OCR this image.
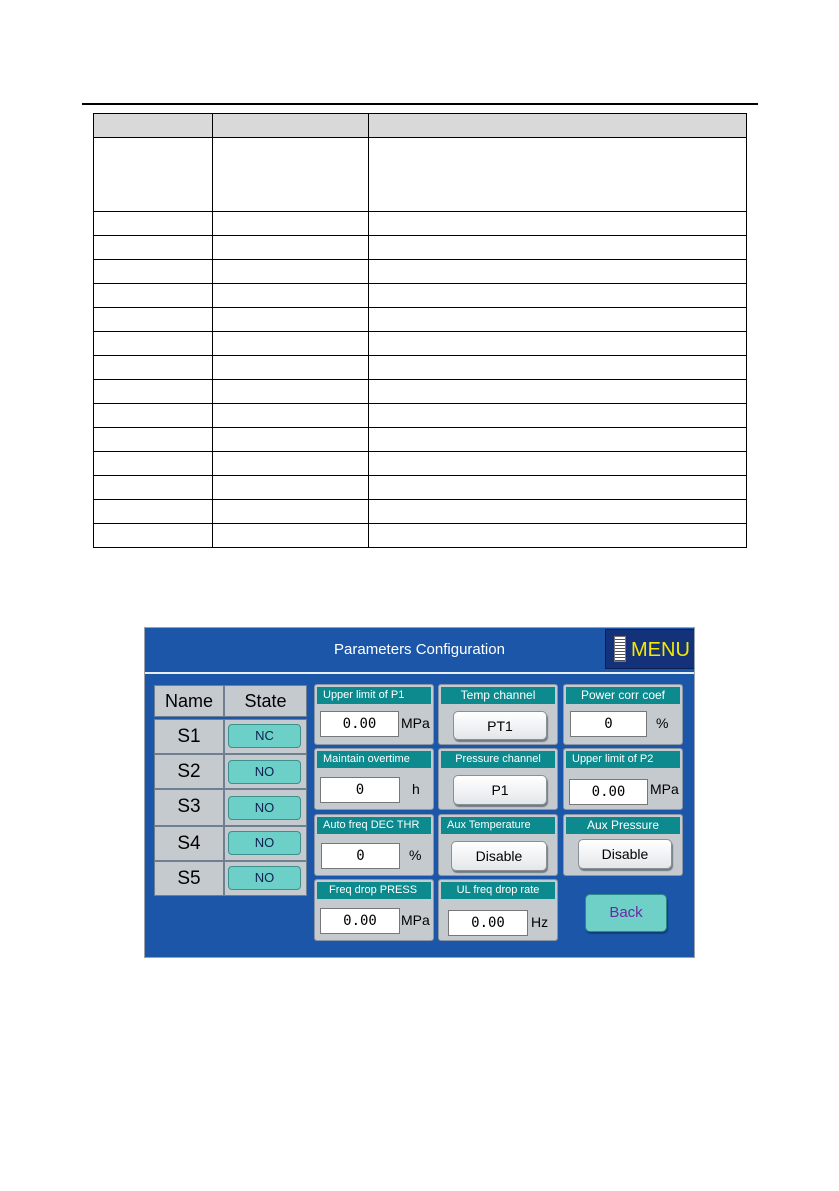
Parameters Configuration	MENU
Name	State
S1	NC
S2	NO
S3	NO
S4	NO
S5	NO
Upper limit of P1
0.00	MPa
Temp channel
PT1
Power corr coef
0	%
Maintain overtime
0	h
Pressure channel
P1
Upper limit of P2
0.00	MPa
Auto freq DEC THR
0	%
Aux Temperature
Disable
Aux Pressure
Disable
Freq drop PRESS
0.00	MPa
UL freq drop rate
0.00	Hz
Back
